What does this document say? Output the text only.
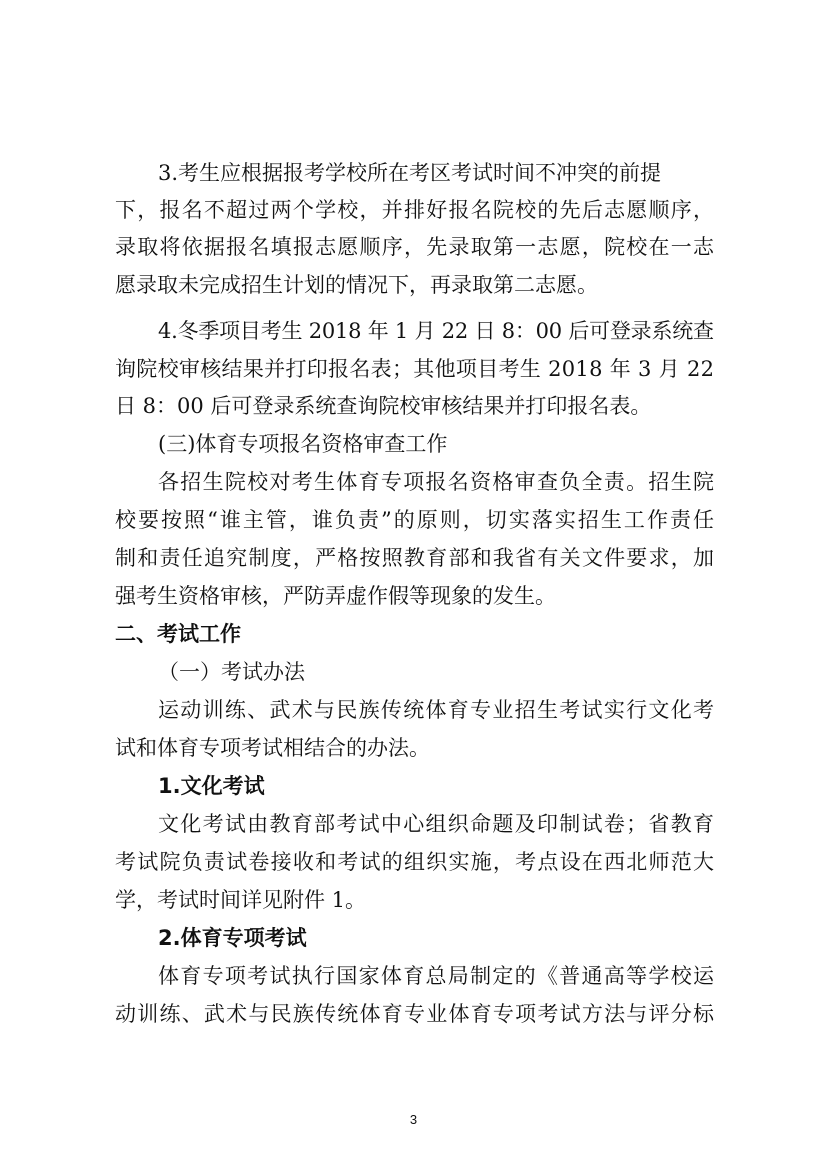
3.考生应根据报考学校所在考区考试时间不冲突的前提

下，报名不超过两个学校，并排好报名院校的先后志愿顺序，

录取将依据报名填报志愿顺序，先录取第一志愿，院校在一志

愿录取未完成招生计划的情况下，再录取第二志愿。

4.冬季项目考生 2018 年 1 月 22 日 8：00 后可登录系统查

询院校审核结果并打印报名表；其他项目考生 2018 年 3 月 22

日 8：00 后可登录系统查询院校审核结果并打印报名表。

(三)体育专项报名资格审查工作

各招生院校对考生体育专项报名资格审查负全责。招生院

校要按照“谁主管，谁负责”的原则，切实落实招生工作责任

制和责任追究制度，严格按照教育部和我省有关文件要求，加

强考生资格审核，严防弄虚作假等现象的发生。

二、考试工作

（一）考试办法

运动训练、武术与民族传统体育专业招生考试实行文化考

试和体育专项考试相结合的办法。

1.文化考试

文化考试由教育部考试中心组织命题及印制试卷；省教育

考试院负责试卷接收和考试的组织实施，考点设在西北师范大

学，考试时间详见附件 1。

2.体育专项考试

体育专项考试执行国家体育总局制定的《普通高等学校运

动训练、武术与民族传统体育专业体育专项考试方法与评分标

3
